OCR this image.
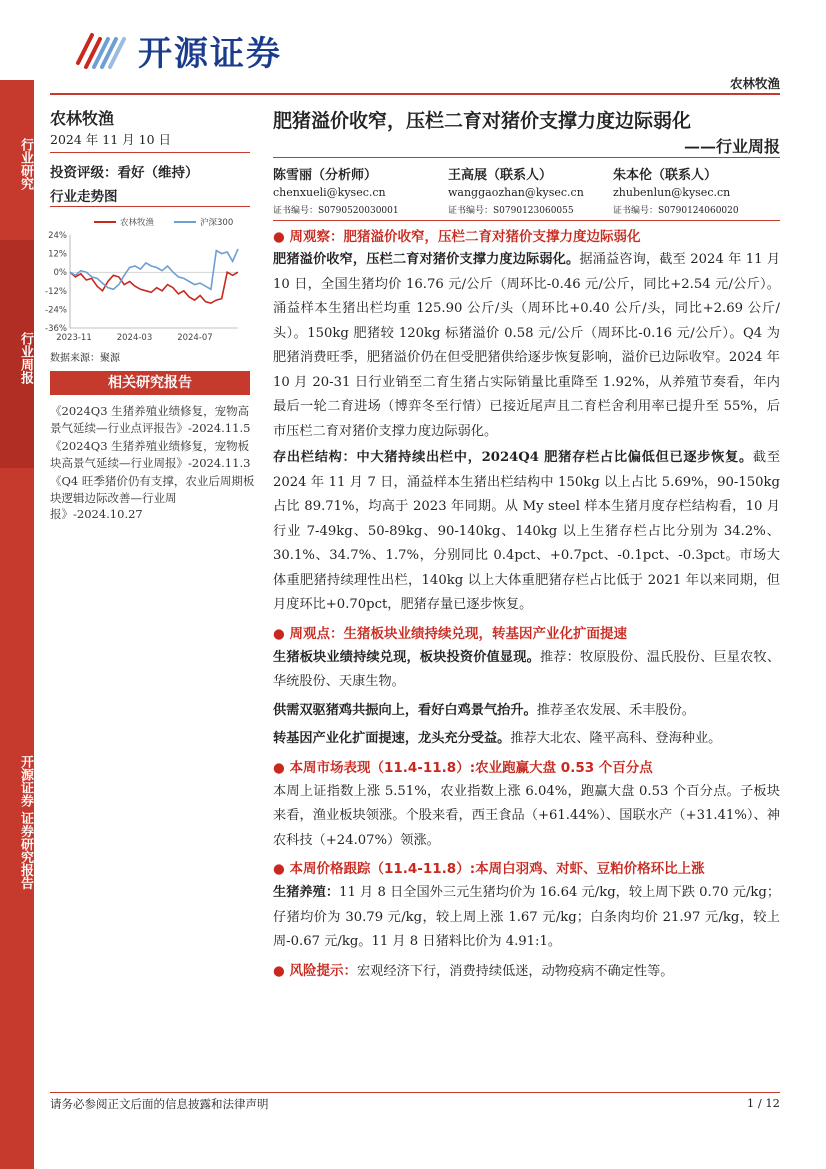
行业研究
行业周报
开源证券 证券研究报告
开源证券
农林牧渔
农林牧渔
2024 年 11 月 10 日
投资评级：看好（维持）
行业走势图
24%
12%
0%
-12%
-24%
-36%
2023-11	2024-03	2024-07
农林牧渔	沪深300
数据来源：聚源
相关研究报告
《2024Q3 生猪养殖业绩修复，宠物高景气延续—行业点评报告》-2024.11.5
《2024Q3 生猪养殖业绩修复，宠物板块高景气延续—行业周报》-2024.11.3
《Q4 旺季猪价仍有支撑，农业后周期板块逻辑边际改善—行业周报》-2024.10.27
肥猪溢价收窄，压栏二育对猪价支撑力度边际弱化
——行业周报
陈雪丽（分析师）
chenxueli@kysec.cn
证书编号：S0790520030001
王高展（联系人）
wanggaozhan@kysec.cn
证书编号：S0790123060055
朱本伦（联系人）
zhubenlun@kysec.cn
证书编号：S0790124060020
● 周观察：肥猪溢价收窄，压栏二育对猪价支撑力度边际弱化
肥猪溢价收窄，压栏二育对猪价支撑力度边际弱化。据涌益咨询，截至 2024 年 11 月 10 日，全国生猪均价 16.76 元/公斤（周环比-0.46 元/公斤，同比+2.54 元/公斤）。涌益样本生猪出栏均重 125.90 公斤/头（周环比+0.40 公斤/头，同比+2.69 公斤/头）。150kg 肥猪较 120kg 标猪溢价 0.58 元/公斤（周环比-0.16 元/公斤）。Q4 为肥猪消费旺季，肥猪溢价仍在但受肥猪供给逐步恢复影响，溢价已边际收窄。2024 年 10 月 20-31 日行业销至二育生猪占实际销量比重降至 1.92%，从养殖节奏看，年内最后一轮二育进场（博弈冬至行情）已接近尾声且二育栏舍利用率已提升至 55%，后市压栏二育对猪价支撑力度边际弱化。
存出栏结构：中大猪持续出栏中，2024Q4 肥猪存栏占比偏低但已逐步恢复。截至 2024 年 11 月 7 日，涌益样本生猪出栏结构中 150kg 以上占比 5.69%，90-150kg 占比 89.71%，均高于 2023 年同期。从 My steel 样本生猪月度存栏结构看，10 月行业 7-49kg、50-89kg、90-140kg、140kg 以上生猪存栏占比分别为 34.2%、30.1%、34.7%、1.7%，分别同比 0.4pct、+0.7pct、-0.1pct、-0.3pct。市场大体重肥猪持续理性出栏，140kg 以上大体重肥猪存栏占比低于 2021 年以来同期，但月度环比+0.70pct，肥猪存量已逐步恢复。
● 周观点：生猪板块业绩持续兑现，转基因产业化扩面提速
生猪板块业绩持续兑现，板块投资价值显现。推荐：牧原股份、温氏股份、巨星农牧、华统股份、天康生物。
供需双驱猪鸡共振向上，看好白鸡景气抬升。推荐圣农发展、禾丰股份。
转基因产业化扩面提速，龙头充分受益。推荐大北农、隆平高科、登海种业。
● 本周市场表现（11.4-11.8）:农业跑赢大盘 0.53 个百分点
本周上证指数上涨 5.51%，农业指数上涨 6.04%，跑赢大盘 0.53 个百分点。子板块来看，渔业板块领涨。个股来看，西王食品（+61.44%）、国联水产（+31.41%）、神农科技（+24.07%）领涨。
● 本周价格跟踪（11.4-11.8）:本周白羽鸡、对虾、豆粕价格环比上涨
生猪养殖：11 月 8 日全国外三元生猪均价为 16.64 元/kg，较上周下跌 0.70 元/kg；仔猪均价为 30.79 元/kg，较上周上涨 1.67 元/kg；白条肉均价 21.97 元/kg，较上周-0.67 元/kg。11 月 8 日猪料比价为 4.91:1。
● 风险提示：宏观经济下行，消费持续低迷，动物疫病不确定性等。
请务必参阅正文后面的信息披露和法律声明	1 / 12
